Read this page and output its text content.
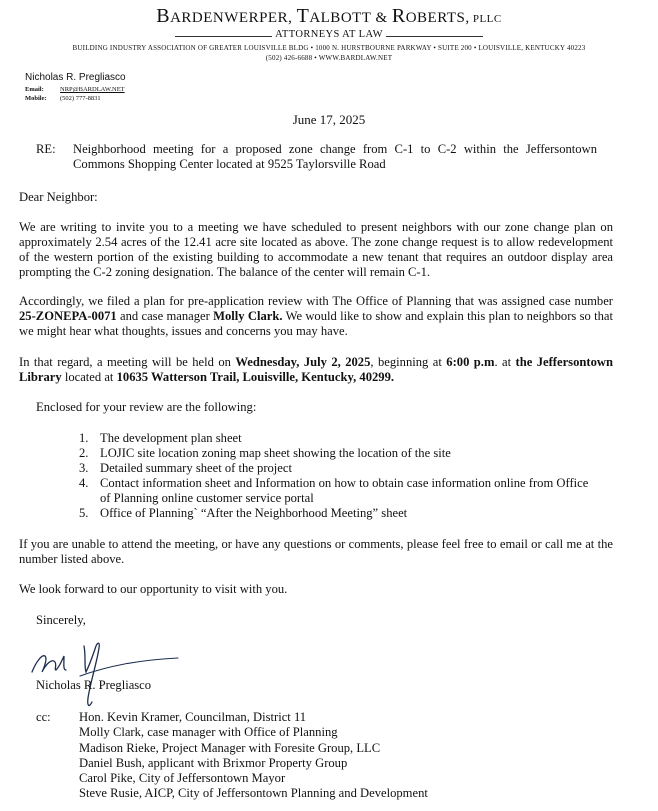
BARDENWERPER, TALBOTT & ROBERTS, PLLC
ATTORNEYS AT LAW
BUILDING INDUSTRY ASSOCIATION OF GREATER LOUISVILLE BLDG • 1000 N. HURSTBOURNE PARKWAY • SUITE 200 • LOUISVILLE, KENTUCKY 40223
(502) 426-6688 • WWW.BARDLAW.NET
Nicholas R. Pregliasco
Email: NRP@BARDLAW.NET
Mobile: (502) 777-8831
June 17, 2025
RE: Neighborhood meeting for a proposed zone change from C-1 to C-2 within the Jeffersontown Commons Shopping Center located at 9525 Taylorsville Road
Dear Neighbor:
We are writing to invite you to a meeting we have scheduled to present neighbors with our zone change plan on approximately 2.54 acres of the 12.41 acre site located as above. The zone change request is to allow redevelopment of the western portion of the existing building to accommodate a new tenant that requires an outdoor display area prompting the C-2 zoning designation. The balance of the center will remain C-1.
Accordingly, we filed a plan for pre-application review with The Office of Planning that was assigned case number 25-ZONEPA-0071 and case manager Molly Clark. We would like to show and explain this plan to neighbors so that we might hear what thoughts, issues and concerns you may have.
In that regard, a meeting will be held on Wednesday, July 2, 2025, beginning at 6:00 p.m. at the Jeffersontown Library located at 10635 Watterson Trail, Louisville, Kentucky, 40299.
Enclosed for your review are the following:
1. The development plan sheet
2. LOJIC site location zoning map sheet showing the location of the site
3. Detailed summary sheet of the project
4. Contact information sheet and Information on how to obtain case information online from Office of Planning online customer service portal
5. Office of Planning` “After the Neighborhood Meeting” sheet
If you are unable to attend the meeting, or have any questions or comments, please feel free to email or call me at the number listed above.
We look forward to our opportunity to visit with you.
Sincerely,
Nicholas R. Pregliasco
cc: Hon. Kevin Kramer, Councilman, District 11
Molly Clark, case manager with Office of Planning
Madison Rieke, Project Manager with Foresite Group, LLC
Daniel Bush, applicant with Brixmor Property Group
Carol Pike, City of Jeffersontown Mayor
Steve Rusie, AICP, City of Jeffersontown Planning and Development
